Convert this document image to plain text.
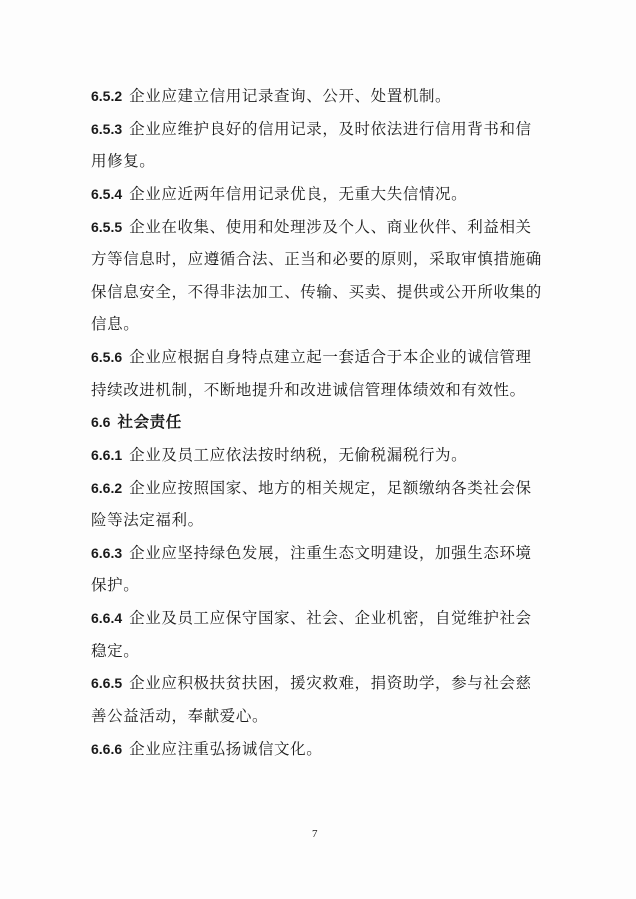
6.5.2 企业应建立信用记录查询、公开、处置机制。
6.5.3 企业应维护良好的信用记录，及时依法进行信用背书和信
用修复。
6.5.4 企业应近两年信用记录优良，无重大失信情况。
6.5.5 企业在收集、使用和处理涉及个人、商业伙伴、利益相关
方等信息时，应遵循合法、正当和必要的原则，采取审慎措施确
保信息安全，不得非法加工、传输、买卖、提供或公开所收集的
信息。
6.5.6 企业应根据自身特点建立起一套适合于本企业的诚信管理
持续改进机制，不断地提升和改进诚信管理体绩效和有效性。
6.6 社会责任
6.6.1 企业及员工应依法按时纳税，无偷税漏税行为。
6.6.2 企业应按照国家、地方的相关规定，足额缴纳各类社会保
险等法定福利。
6.6.3 企业应坚持绿色发展，注重生态文明建设，加强生态环境
保护。
6.6.4 企业及员工应保守国家、社会、企业机密，自觉维护社会
稳定。
6.6.5 企业应积极扶贫扶困，援灾救难，捐资助学，参与社会慈
善公益活动，奉献爱心。
6.6.6 企业应注重弘扬诚信文化。
7
